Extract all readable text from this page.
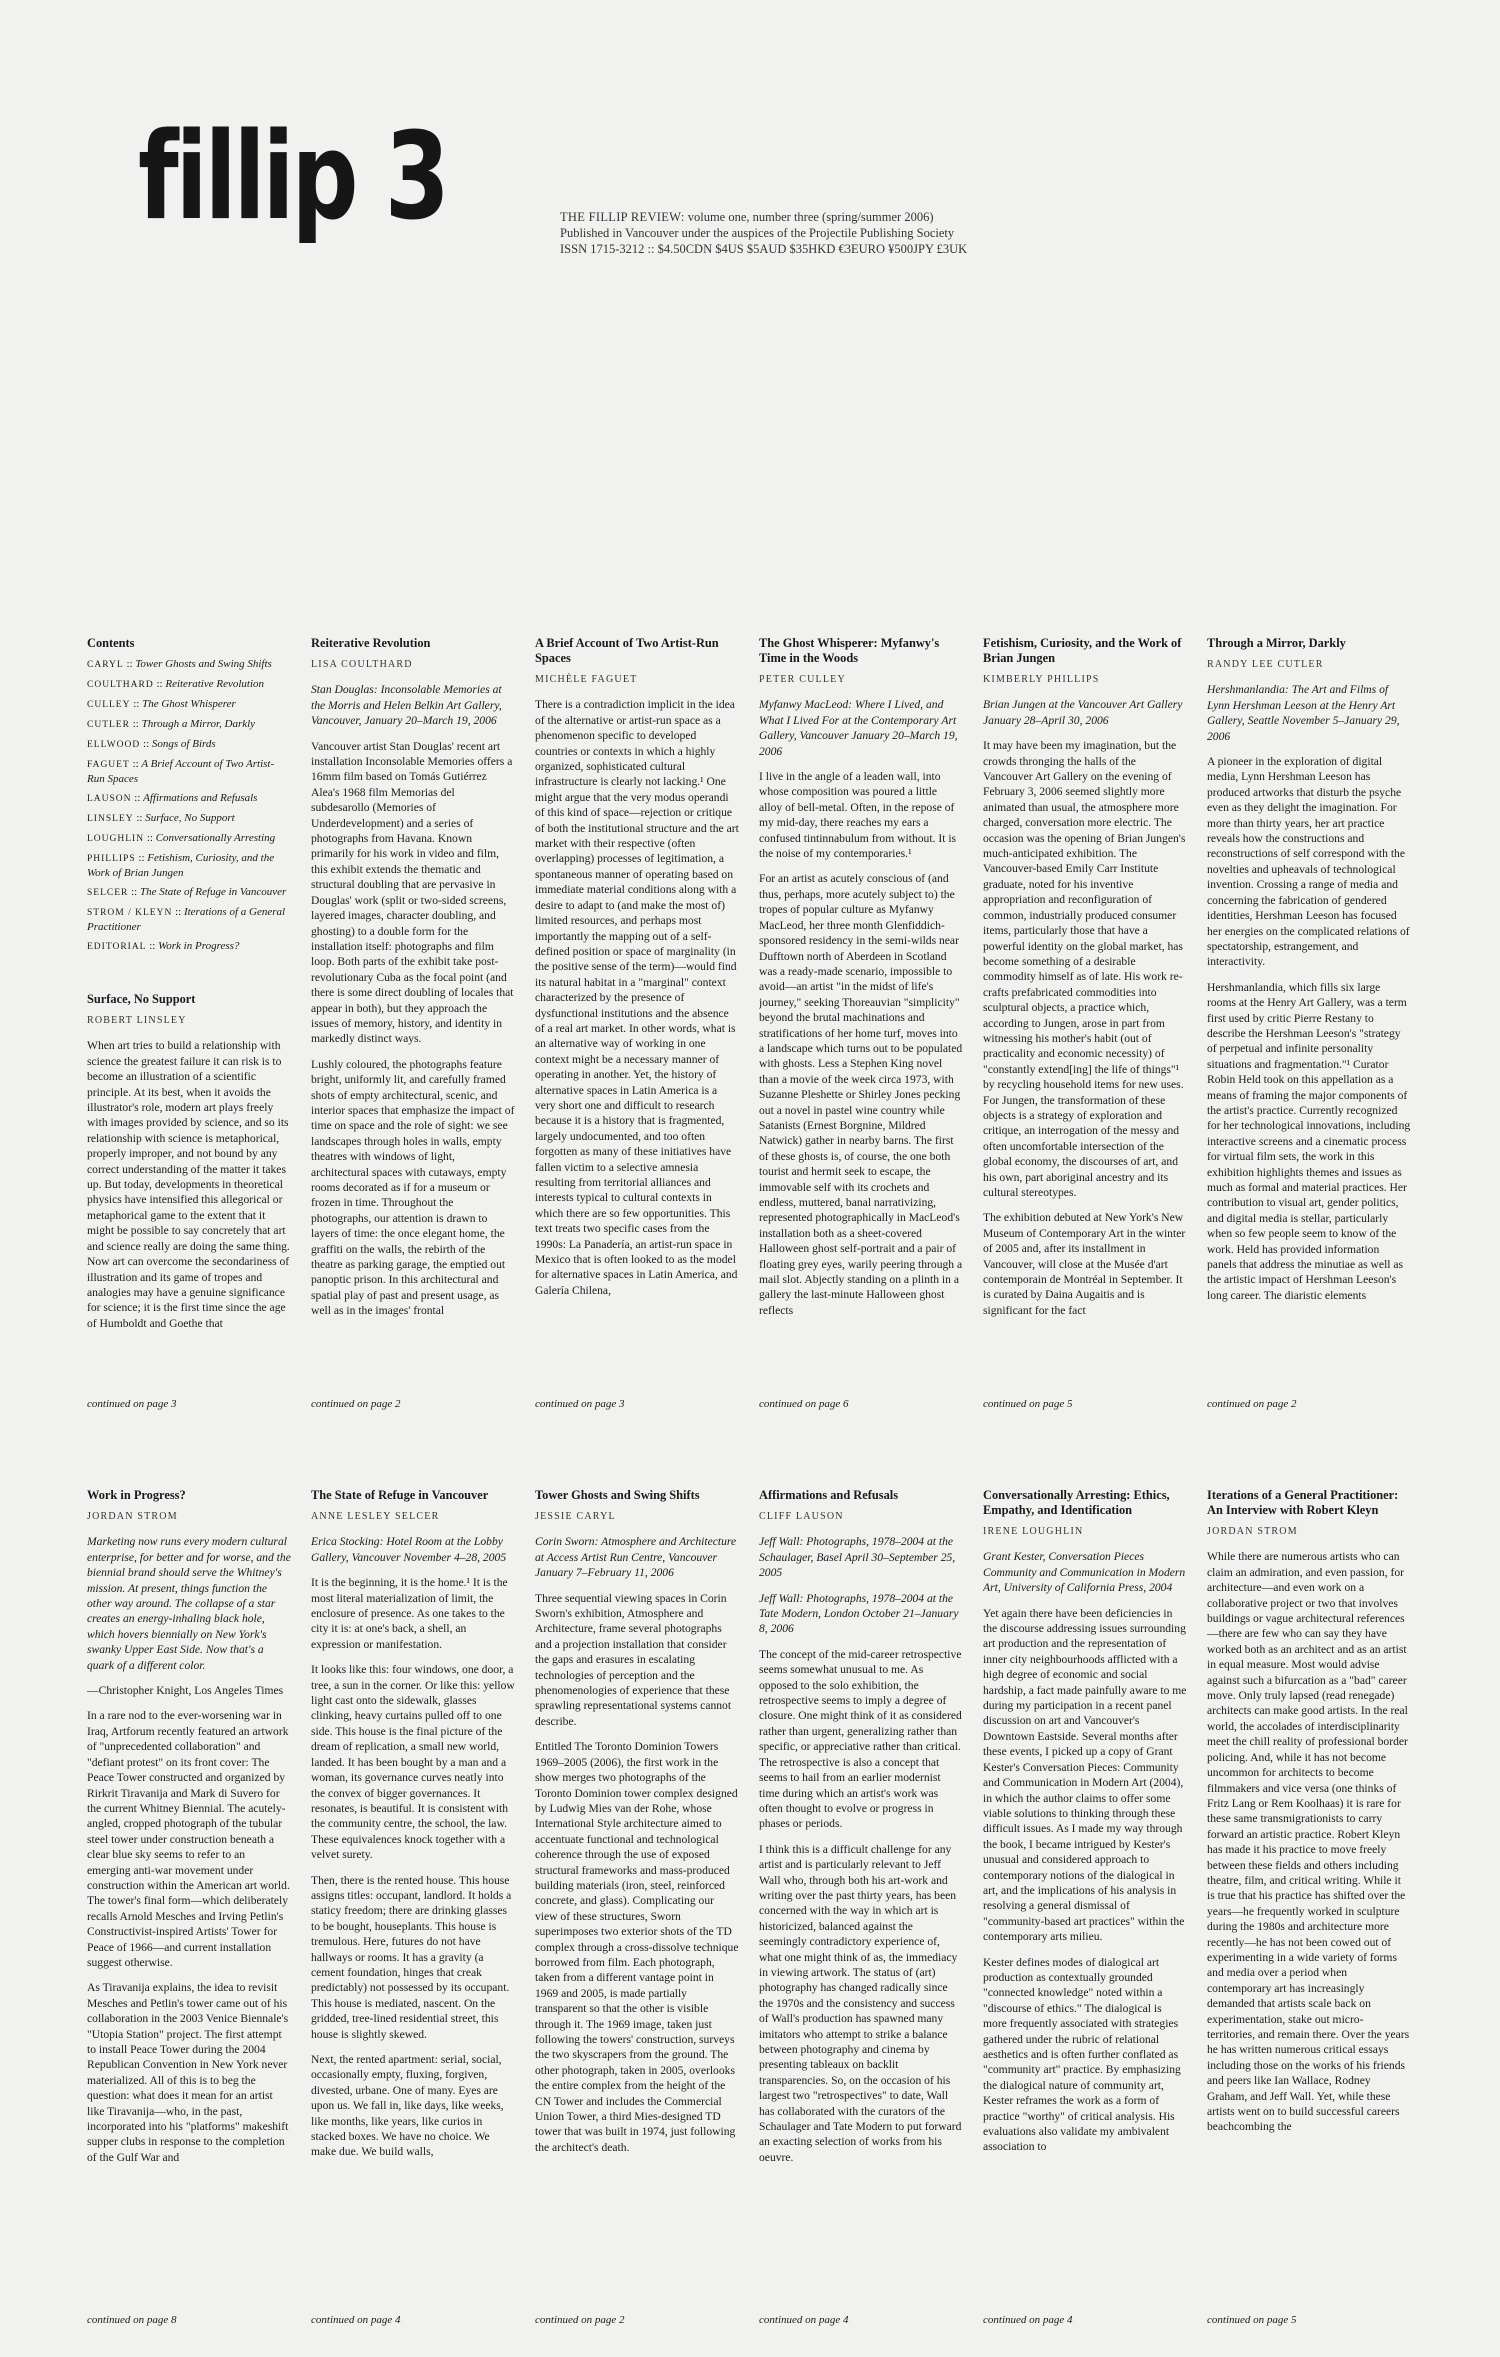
fillip 3	THE FILLIP REVIEW: volume one, number three (spring/summer 2006)
Published in Vancouver under the auspices of the Projectile Publishing Society
ISSN 1715-3212 :: $4.50CDN $4US $5AUD $35HKD €3EURO ¥500JPY £3UK
Contents
CARYL :: Tower Ghosts and Swing Shifts
COULTHARD :: Reiterative Revolution
CULLEY :: The Ghost Whisperer
CUTLER :: Through a Mirror, Darkly
ELLWOOD :: Songs of Birds
FAGUET :: A Brief Account of Two Artist-Run Spaces
LAUSON :: Affirmations and Refusals
LINSLEY :: Surface, No Support
LOUGHLIN :: Conversationally Arresting
PHILLIPS :: Fetishism, Curiosity, and the Work of Brian Jungen
SELCER :: The State of Refuge in Vancouver
STROM / KLEYN :: Iterations of a General Practitioner
EDITORIAL :: Work in Progress?
Surface, No Support
ROBERT LINSLEY

When art tries to build a relationship with science the greatest failure it can risk is to become an illustration of a scientific principle. At its best, when it avoids the illustrator's role, modern art plays freely with images provided by science, and so its relationship with science is metaphorical, properly improper, and not bound by any correct understanding of the matter it takes up. But today, developments in theoretical physics have intensified this allegorical or metaphorical game to the extent that it might be possible to say concretely that art and science really are doing the same thing. Now art can overcome the secondariness of illustration and its game of tropes and analogies may have a genuine significance for science; it is the first time since the age of Humboldt and Goethe that

continued on page 3
Reiterative Revolution
LISA COULTHARD

Stan Douglas: Inconsolable Memories at the Morris and Helen Belkin Art Gallery, Vancouver, January 20–March 19, 2006

Vancouver artist Stan Douglas' recent art installation Inconsolable Memories offers a 16mm film based on Tomás Gutiérrez Alea's 1968 film Memorias del subdesarollo (Memories of Underdevelopment) and a series of photographs from Havana. Known primarily for his work in video and film, this exhibit extends the thematic and structural doubling that are pervasive in Douglas' work (split or two-sided screens, layered images, character doubling, and ghosting) to a double form for the installation itself: photographs and film loop. Both parts of the exhibit take post-revolutionary Cuba as the focal point (and there is some direct doubling of locales that appear in both), but they approach the issues of memory, history, and identity in markedly distinct ways.

Lushly coloured, the photographs feature bright, uniformly lit, and carefully framed shots of empty architectural, scenic, and interior spaces that emphasize the impact of time on space and the role of sight: we see landscapes through holes in walls, empty theatres with windows of light, architectural spaces with cutaways, empty rooms decorated as if for a museum or frozen in time. Throughout the photographs, our attention is drawn to layers of time: the once elegant home, the graffiti on the walls, the rebirth of the theatre as parking garage, the emptied out panoptic prison. In this architectural and spatial play of past and present usage, as well as in the images' frontal

continued on page 2
A Brief Account of Two Artist-Run Spaces
MICHÈLE FAGUET

There is a contradiction implicit in the idea of the alternative or artist-run space as a phenomenon specific to developed countries or contexts in which a highly organized, sophisticated cultural infrastructure is clearly not lacking.¹ One might argue that the very modus operandi of this kind of space—rejection or critique of both the institutional structure and the art market with their respective (often overlapping) processes of legitimation, a spontaneous manner of operating based on immediate material conditions along with a desire to adapt to (and make the most of) limited resources, and perhaps most importantly the mapping out of a self-defined position or space of marginality (in the positive sense of the term)—would find its natural habitat in a "marginal" context characterized by the presence of dysfunctional institutions and the absence of a real art market. In other words, what is an alternative way of working in one context might be a necessary manner of operating in another. Yet, the history of alternative spaces in Latin America is a very short one and difficult to research because it is a history that is fragmented, largely undocumented, and too often forgotten as many of these initiatives have fallen victim to a selective amnesia resulting from territorial alliances and interests typical to cultural contexts in which there are so few opportunities. This text treats two specific cases from the 1990s: La Panadería, an artist-run space in Mexico that is often looked to as the model for alternative spaces in Latin America, and Galería Chilena,

continued on page 3
The Ghost Whisperer: Myfanwy's Time in the Woods
PETER CULLEY

Myfanwy MacLeod: Where I Lived, and What I Lived For at the Contemporary Art Gallery, Vancouver January 20–March 19, 2006

I live in the angle of a leaden wall, into whose composition was poured a little alloy of bell-metal. Often, in the repose of my mid-day, there reaches my ears a confused tintinnabulum from without. It is the noise of my contemporaries.¹

For an artist as acutely conscious of (and thus, perhaps, more acutely subject to) the tropes of popular culture as Myfanwy MacLeod, her three month Glenfiddich-sponsored residency in the semi-wilds near Dufftown north of Aberdeen in Scotland was a ready-made scenario, impossible to avoid—an artist "in the midst of life's journey," seeking Thoreauvian "simplicity" beyond the brutal machinations and stratifications of her home turf, moves into a landscape which turns out to be populated with ghosts. Less a Stephen King novel than a movie of the week circa 1973, with Suzanne Pleshette or Shirley Jones pecking out a novel in pastel wine country while Satanists (Ernest Borgnine, Mildred Natwick) gather in nearby barns. The first of these ghosts is, of course, the one both tourist and hermit seek to escape, the immovable self with its crochets and endless, muttered, banal narrativizing, represented photographically in MacLeod's installation both as a sheet-covered Halloween ghost self-portrait and a pair of floating grey eyes, warily peering through a mail slot. Abjectly standing on a plinth in a gallery the last-minute Halloween ghost reflects

continued on page 6
Fetishism, Curiosity, and the Work of Brian Jungen
KIMBERLY PHILLIPS

Brian Jungen at the Vancouver Art Gallery January 28–April 30, 2006

It may have been my imagination, but the crowds thronging the halls of the Vancouver Art Gallery on the evening of February 3, 2006 seemed slightly more animated than usual, the atmosphere more charged, conversation more electric. The occasion was the opening of Brian Jungen's much-anticipated exhibition. The Vancouver-based Emily Carr Institute graduate, noted for his inventive appropriation and reconfiguration of common, industrially produced consumer items, particularly those that have a powerful identity on the global market, has become something of a desirable commodity himself as of late. His work re-crafts prefabricated commodities into sculptural objects, a practice which, according to Jungen, arose in part from witnessing his mother's habit (out of practicality and economic necessity) of "constantly extend[ing] the life of things"¹ by recycling household items for new uses. For Jungen, the transformation of these objects is a strategy of exploration and critique, an interrogation of the messy and often uncomfortable intersection of the global economy, the discourses of art, and his own, part aboriginal ancestry and its cultural stereotypes.

The exhibition debuted at New York's New Museum of Contemporary Art in the winter of 2005 and, after its installment in Vancouver, will close at the Musée d'art contemporain de Montréal in September. It is curated by Daina Augaitis and is significant for the fact

continued on page 5
Through a Mirror, Darkly
RANDY LEE CUTLER

Hershmanlandia: The Art and Films of Lynn Hershman Leeson at the Henry Art Gallery, Seattle November 5–January 29, 2006

A pioneer in the exploration of digital media, Lynn Hershman Leeson has produced artworks that disturb the psyche even as they delight the imagination. For more than thirty years, her art practice reveals how the constructions and reconstructions of self correspond with the novelties and upheavals of technological invention. Crossing a range of media and concerning the fabrication of gendered identities, Hershman Leeson has focused her energies on the complicated relations of spectatorship, estrangement, and interactivity.

Hershmanlandia, which fills six large rooms at the Henry Art Gallery, was a term first used by critic Pierre Restany to describe the Hershman Leeson's "strategy of perpetual and infinite personality situations and fragmentation."¹ Curator Robin Held took on this appellation as a means of framing the major components of the artist's practice. Currently recognized for her technological innovations, including interactive screens and a cinematic process for virtual film sets, the work in this exhibition highlights themes and issues as much as formal and material practices. Her contribution to visual art, gender politics, and digital media is stellar, particularly when so few people seem to know of the work. Held has provided information panels that address the minutiae as well as the artistic impact of Hershman Leeson's long career. The diaristic elements

continued on page 2
Work in Progress?
JORDAN STROM

Marketing now runs every modern cultural enterprise, for better and for worse, and the biennial brand should serve the Whitney's mission. At present, things function the other way around. The collapse of a star creates an energy-inhaling black hole, which hovers biennially on New York's swanky Upper East Side. Now that's a quark of a different color.

—Christopher Knight, Los Angeles Times

In a rare nod to the ever-worsening war in Iraq, Artforum recently featured an artwork of "unprecedented collaboration" and "defiant protest" on its front cover: The Peace Tower constructed and organized by Rirkrit Tiravanija and Mark di Suvero for the current Whitney Biennial. The acutely-angled, cropped photograph of the tubular steel tower under construction beneath a clear blue sky seems to refer to an emerging anti-war movement under construction within the American art world. The tower's final form—which deliberately recalls Arnold Mesches and Irving Petlin's Constructivist-inspired Artists' Tower for Peace of 1966—and current installation suggest otherwise.

As Tiravanija explains, the idea to revisit Mesches and Petlin's tower came out of his collaboration in the 2003 Venice Biennale's "Utopia Station" project. The first attempt to install Peace Tower during the 2004 Republican Convention in New York never materialized. All of this is to beg the question: what does it mean for an artist like Tiravanija—who, in the past, incorporated into his "platforms" makeshift supper clubs in response to the completion of the Gulf War and

continued on page 8
The State of Refuge in Vancouver
ANNE LESLEY SELCER

Erica Stocking: Hotel Room at the Lobby Gallery, Vancouver November 4–28, 2005

It is the beginning, it is the home.¹ It is the most literal materialization of limit, the enclosure of presence. As one takes to the city it is: at one's back, a shell, an expression or manifestation.

It looks like this: four windows, one door, a tree, a sun in the corner. Or like this: yellow light cast onto the sidewalk, glasses clinking, heavy curtains pulled off to one side. This house is the final picture of the dream of replication, a small new world, landed. It has been bought by a man and a woman, its governance curves neatly into the convex of bigger governances. It resonates, is beautiful. It is consistent with the community centre, the school, the law. These equivalences knock together with a velvet surety.

Then, there is the rented house. This house assigns titles: occupant, landlord. It holds a staticy freedom; there are drinking glasses to be bought, houseplants. This house is tremulous. Here, futures do not have hallways or rooms. It has a gravity (a cement foundation, hinges that creak predictably) not possessed by its occupant. This house is mediated, nascent. On the gridded, tree-lined residential street, this house is slightly skewed.

Next, the rented apartment: serial, social, occasionally empty, fluxing, forgiven, divested, urbane. One of many. Eyes are upon us. We fall in, like days, like weeks, like months, like years, like curios in stacked boxes. We have no choice. We make due. We build walls,

continued on page 4
Tower Ghosts and Swing Shifts
JESSIE CARYL

Corin Sworn: Atmosphere and Architecture at Access Artist Run Centre, Vancouver January 7–February 11, 2006

Three sequential viewing spaces in Corin Sworn's exhibition, Atmosphere and Architecture, frame several photographs and a projection installation that consider the gaps and erasures in escalating technologies of perception and the phenomenologies of experience that these sprawling representational systems cannot describe.

Entitled The Toronto Dominion Towers 1969–2005 (2006), the first work in the show merges two photographs of the Toronto Dominion tower complex designed by Ludwig Mies van der Rohe, whose International Style architecture aimed to accentuate functional and technological coherence through the use of exposed structural frameworks and mass-produced building materials (iron, steel, reinforced concrete, and glass). Complicating our view of these structures, Sworn superimposes two exterior shots of the TD complex through a cross-dissolve technique borrowed from film. Each photograph, taken from a different vantage point in 1969 and 2005, is made partially transparent so that the other is visible through it. The 1969 image, taken just following the towers' construction, surveys the two skyscrapers from the ground. The other photograph, taken in 2005, overlooks the entire complex from the height of the CN Tower and includes the Commercial Union Tower, a third Mies-designed TD tower that was built in 1974, just following the architect's death.

continued on page 2
Affirmations and Refusals
CLIFF LAUSON

Jeff Wall: Photographs, 1978–2004 at the Schaulager, Basel April 30–September 25, 2005

Jeff Wall: Photographs, 1978–2004 at the Tate Modern, London October 21–January 8, 2006

The concept of the mid-career retrospective seems somewhat unusual to me. As opposed to the solo exhibition, the retrospective seems to imply a degree of closure. One might think of it as considered rather than urgent, generalizing rather than specific, or appreciative rather than critical. The retrospective is also a concept that seems to hail from an earlier modernist time during which an artist's work was often thought to evolve or progress in phases or periods.

I think this is a difficult challenge for any artist and is particularly relevant to Jeff Wall who, through both his art-work and writing over the past thirty years, has been concerned with the way in which art is historicized, balanced against the seemingly contradictory experience of, what one might think of as, the immediacy in viewing artwork. The status of (art) photography has changed radically since the 1970s and the consistency and success of Wall's production has spawned many imitators who attempt to strike a balance between photography and cinema by presenting tableaux on backlit transparencies. So, on the occasion of his largest two "retrospectives" to date, Wall has collaborated with the curators of the Schaulager and Tate Modern to put forward an exacting selection of works from his oeuvre.

continued on page 4
Conversationally Arresting: Ethics, Empathy, and Identification
IRENE LOUGHLIN

Grant Kester, Conversation Pieces Community and Communication in Modern Art, University of California Press, 2004

Yet again there have been deficiencies in the discourse addressing issues surrounding art production and the representation of inner city neighbourhoods afflicted with a high degree of economic and social hardship, a fact made painfully aware to me during my participation in a recent panel discussion on art and Vancouver's Downtown Eastside. Several months after these events, I picked up a copy of Grant Kester's Conversation Pieces: Community and Communication in Modern Art (2004), in which the author claims to offer some viable solutions to thinking through these difficult issues. As I made my way through the book, I became intrigued by Kester's unusual and considered approach to contemporary notions of the dialogical in art, and the implications of his analysis in resolving a general dismissal of "community-based art practices" within the contemporary arts milieu.

Kester defines modes of dialogical art production as contextually grounded "connected knowledge" noted within a "discourse of ethics." The dialogical is more frequently associated with strategies gathered under the rubric of relational aesthetics and is often further conflated as "community art" practice. By emphasizing the dialogical nature of community art, Kester reframes the work as a form of practice "worthy" of critical analysis. His evaluations also validate my ambivalent association to

continued on page 4
Iterations of a General Practitioner: An Interview with Robert Kleyn
JORDAN STROM

While there are numerous artists who can claim an admiration, and even passion, for architecture—and even work on a collaborative project or two that involves buildings or vague architectural references—there are few who can say they have worked both as an architect and as an artist in equal measure. Most would advise against such a bifurcation as a "bad" career move. Only truly lapsed (read renegade) architects can make good artists. In the real world, the accolades of interdisciplinarity meet the chill reality of professional border policing. And, while it has not become uncommon for architects to become filmmakers and vice versa (one thinks of Fritz Lang or Rem Koolhaas) it is rare for these same transmigrationists to carry forward an artistic practice. Robert Kleyn has made it his practice to move freely between these fields and others including theatre, film, and critical writing. While it is true that his practice has shifted over the years—he frequently worked in sculpture during the 1980s and architecture more recently—he has not been cowed out of experimenting in a wide variety of forms and media over a period when contemporary art has increasingly demanded that artists scale back on experimentation, stake out micro-territories, and remain there. Over the years he has written numerous critical essays including those on the works of his friends and peers like Ian Wallace, Rodney Graham, and Jeff Wall. Yet, while these artists went on to build successful careers beachcombing the

continued on page 5
